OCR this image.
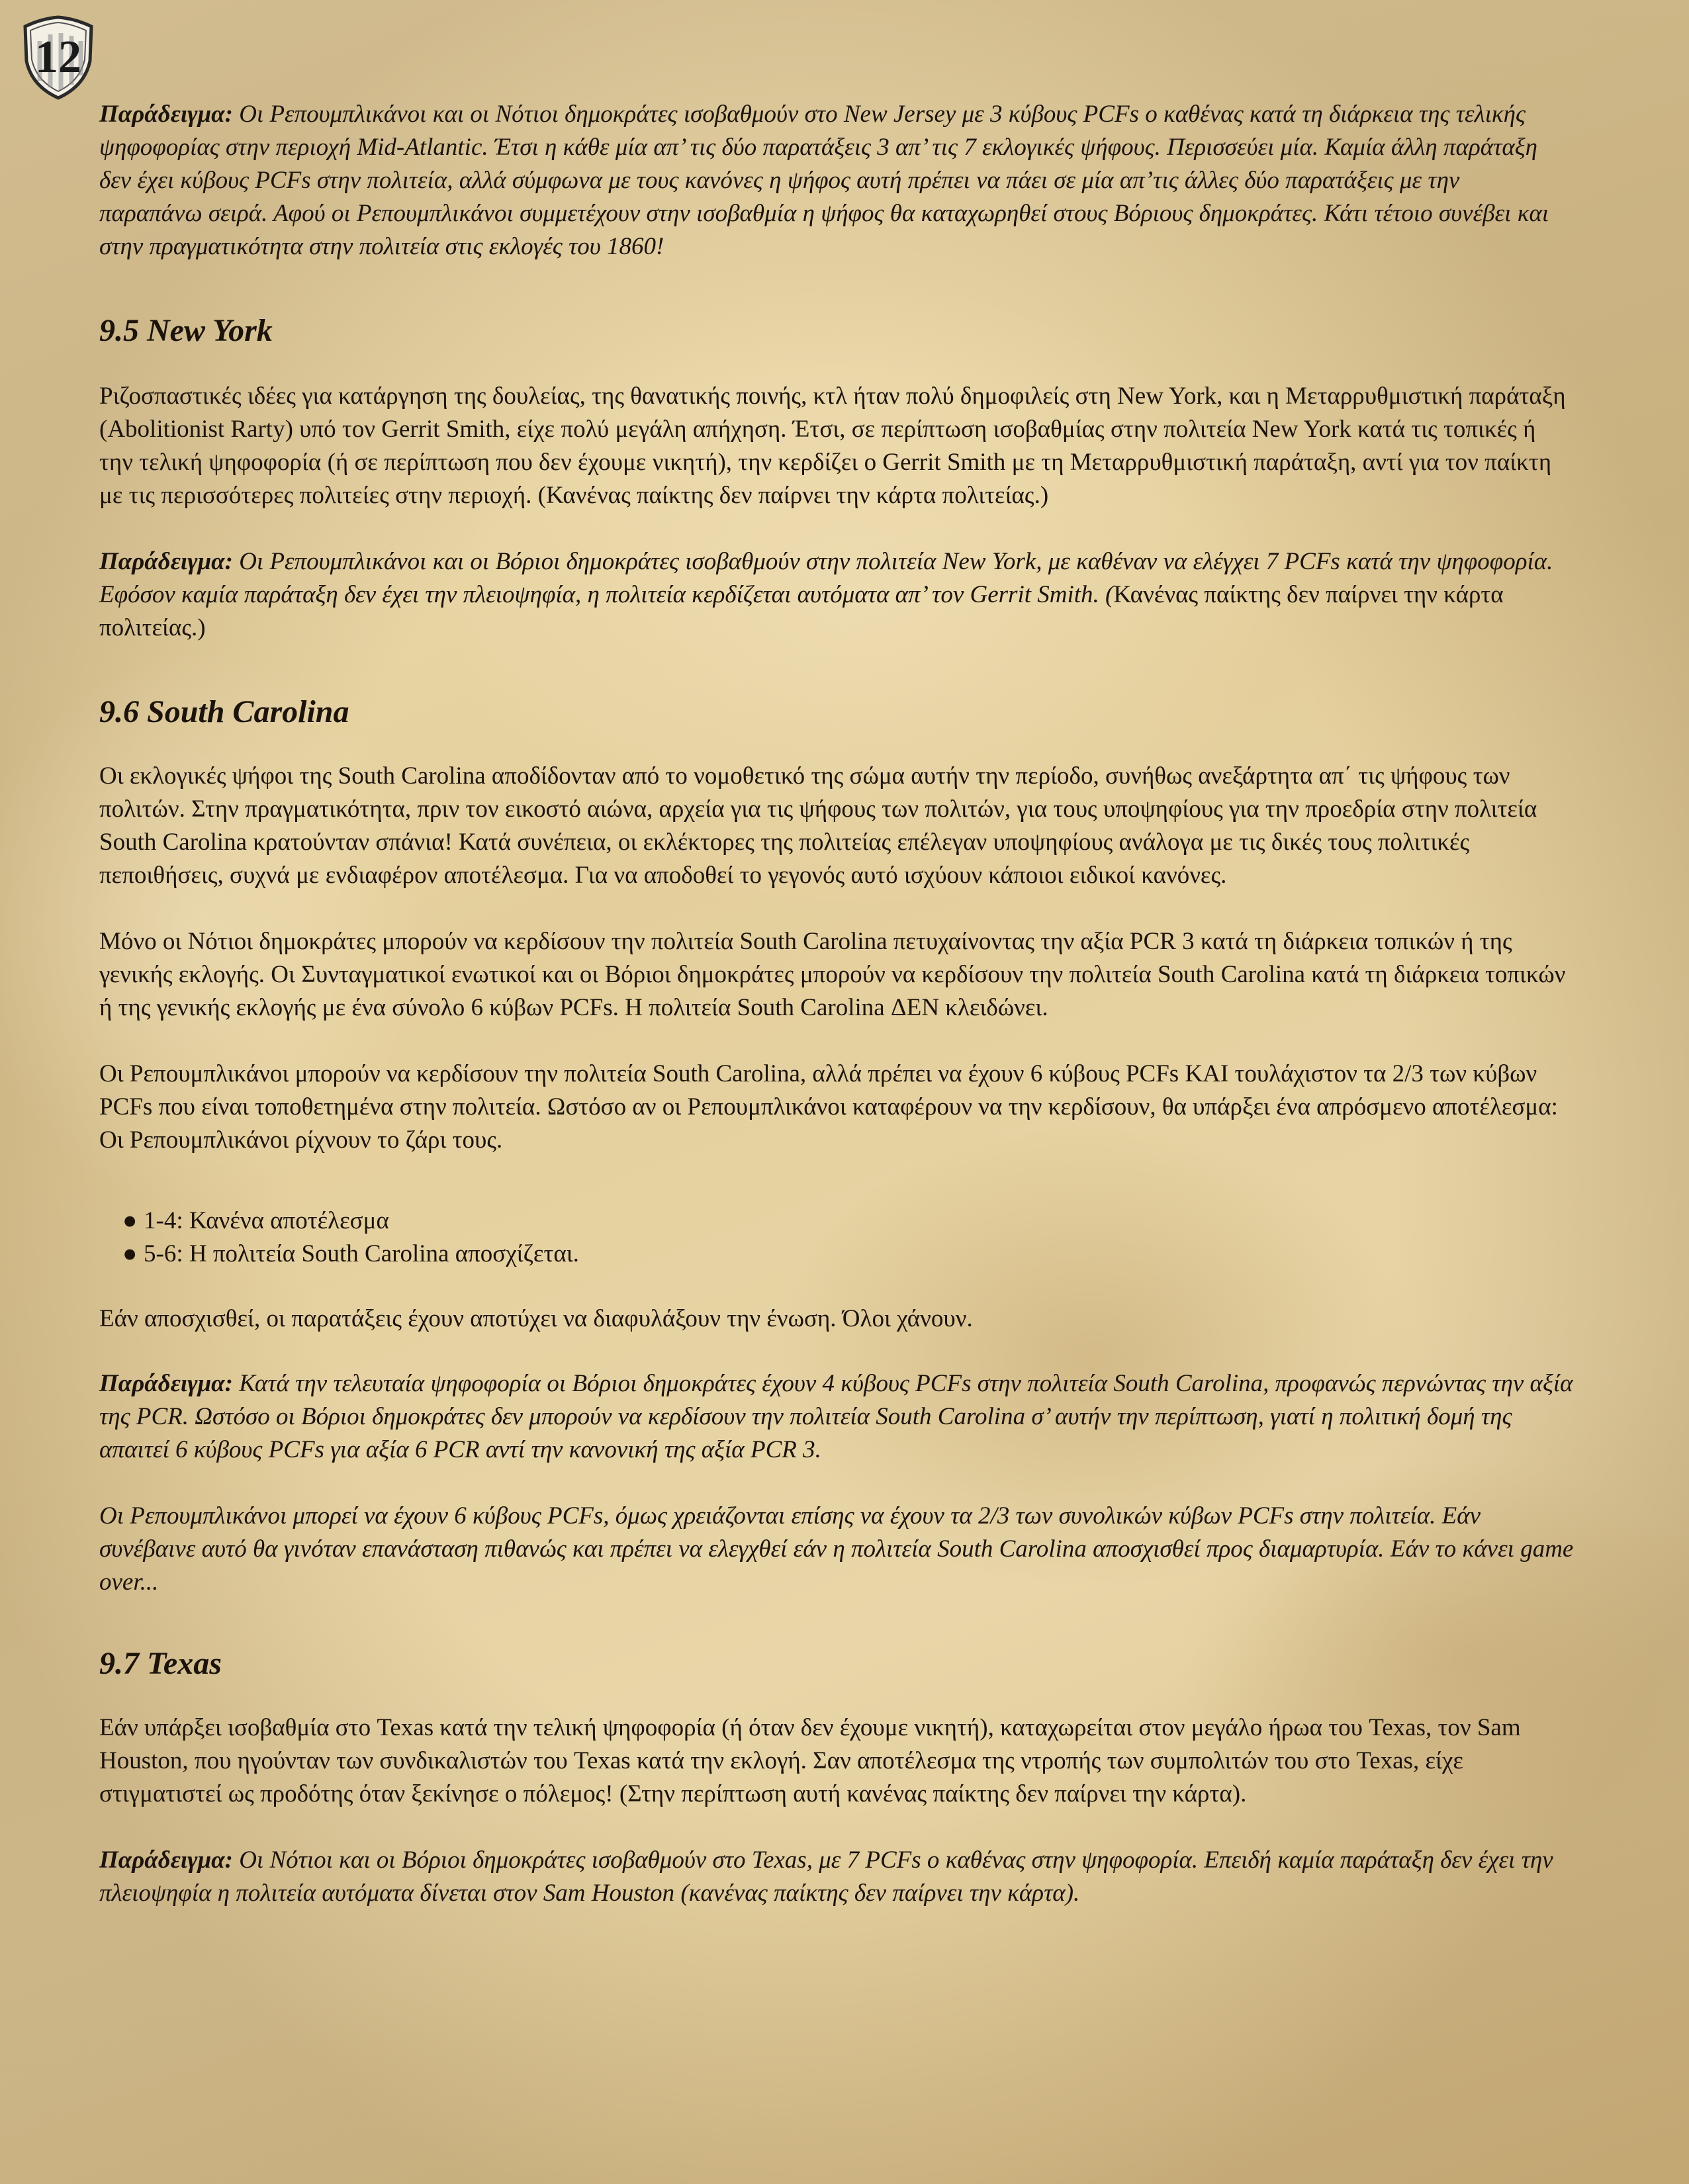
12

Παράδειγμα: Οι Ρεπουμπλικάνοι και οι Νότιοι δημοκράτες ισοβαθμούν στο New Jersey με 3 κύβους PCFs ο καθένας κατά τη διάρκεια της τελικής ψηφοφορίας στην περιοχή Mid-Atlantic. Έτσι η κάθε μία απ’ τις δύο παρατάξεις 3 απ’ τις 7 εκλογικές ψήφους. Περισσεύει μία. Καμία άλλη παράταξη δεν έχει κύβους PCFs στην πολιτεία, αλλά σύμφωνα με τους κανόνες η ψήφος αυτή πρέπει να πάει σε μία απ’τις άλλες δύο παρατάξεις με την παραπάνω σειρά. Αφού οι Ρεπουμπλικάνοι συμμετέχουν στην ισοβαθμία η ψήφος θα καταχωρηθεί στους Βόριους δημοκράτες. Κάτι τέτοιο συνέβει και στην πραγματικότητα στην πολιτεία στις εκλογές του 1860!

9.5 New York

Ριζοσπαστικές ιδέες για κατάργηση της δουλείας, της θανατικής ποινής, κτλ ήταν πολύ δημοφιλείς στη New York, και η Μεταρρυθμιστική παράταξη (Abolitionist Rarty) υπό τον Gerrit Smith, είχε πολύ μεγάλη απήχηση. Έτσι, σε περίπτωση ισοβαθμίας στην πολιτεία New York κατά τις τοπικές ή την τελική ψηφοφορία (ή σε περίπτωση που δεν έχουμε νικητή), την κερδίζει ο Gerrit Smith με τη Μεταρρυθμιστική παράταξη, αντί για τον παίκτη με τις περισσότερες πολιτείες στην περιοχή. (Κανένας παίκτης δεν παίρνει την κάρτα πολιτείας.)

Παράδειγμα: Οι Ρεπουμπλικάνοι και οι Βόριοι δημοκράτες ισοβαθμούν στην πολιτεία New York, με καθέναν να ελέγχει 7 PCFs κατά την ψηφοφορία. Εφόσον καμία παράταξη δεν έχει την πλειοψηφία, η πολιτεία κερδίζεται αυτόματα απ’ τον Gerrit Smith. (Κανένας παίκτης δεν παίρνει την κάρτα πολιτείας.)

9.6 South Carolina

Οι εκλογικές ψήφοι της South Carolina αποδίδονταν από το νομοθετικό της σώμα αυτήν την περίοδο, συνήθως ανεξάρτητα απ΄ τις ψήφους των πολιτών. Στην πραγματικότητα, πριν τον εικοστό αιώνα, αρχεία για τις ψήφους των πολιτών, για τους υποψηφίους για την προεδρία στην πολιτεία South Carolina κρατούνταν σπάνια! Κατά συνέπεια, οι εκλέκτορες της πολιτείας επέλεγαν υποψηφίους ανάλογα με τις δικές τους πολιτικές πεποιθήσεις, συχνά με ενδιαφέρον αποτέλεσμα. Για να αποδοθεί το γεγονός αυτό ισχύουν κάποιοι ειδικοί κανόνες.

Μόνο οι Νότιοι δημοκράτες μπορούν να κερδίσουν την πολιτεία South Carolina πετυχαίνοντας την αξία PCR 3 κατά τη διάρκεια τοπικών ή της γενικής εκλογής. Οι Συνταγματικοί ενωτικοί και οι Βόριοι δημοκράτες μπορούν να κερδίσουν την πολιτεία South Carolina κατά τη διάρκεια τοπικών ή της γενικής εκλογής με ένα σύνολο 6 κύβων PCFs. Η πολιτεία South Carolina ΔΕΝ κλειδώνει.

Οι Ρεπουμπλικάνοι μπορούν να κερδίσουν την πολιτεία South Carolina, αλλά πρέπει να έχουν 6 κύβους PCFs ΚΑΙ τουλάχιστον τα 2/3 των κύβων PCFs που είναι τοποθετημένα στην πολιτεία. Ωστόσο αν οι Ρεπουμπλικάνοι καταφέρουν να την κερδίσουν, θα υπάρξει ένα απρόσμενο αποτέλεσμα: Οι Ρεπουμπλικάνοι ρίχνουν το ζάρι τους.

● 1-4: Κανένα αποτέλεσμα
● 5-6: Η πολιτεία South Carolina αποσχίζεται.

Εάν αποσχισθεί, οι παρατάξεις έχουν αποτύχει να διαφυλάξουν την ένωση. Όλοι χάνουν.

Παράδειγμα: Κατά την τελευταία ψηφοφορία οι Βόριοι δημοκράτες έχουν 4 κύβους PCFs στην πολιτεία South Carolina, προφανώς περνώντας την αξία της PCR. Ωστόσο οι Βόριοι δημοκράτες δεν μπορούν να κερδίσουν την πολιτεία South Carolina σ’ αυτήν την περίπτωση, γιατί η πολιτική δομή της απαιτεί 6 κύβους PCFs για αξία 6 PCR αντί την κανονική της αξία PCR 3.

Οι Ρεπουμπλικάνοι μπορεί να έχουν 6 κύβους PCFs, όμως χρειάζονται επίσης να έχουν τα 2/3 των συνολικών κύβων PCFs στην πολιτεία. Εάν συνέβαινε αυτό θα γινόταν επανάσταση πιθανώς και πρέπει να ελεγχθεί εάν η πολιτεία South Carolina αποσχισθεί προς διαμαρτυρία. Εάν το κάνει game over...

9.7 Texas

Εάν υπάρξει ισοβαθμία στο Texas κατά την τελική ψηφοφορία (ή όταν δεν έχουμε νικητή), καταχωρείται στον μεγάλο ήρωα του Texas, τον Sam Houston, που ηγούνταν των συνδικαλιστών του Texas κατά την εκλογή. Σαν αποτέλεσμα της ντροπής των συμπολιτών του στο Texas, είχε στιγματιστεί ως προδότης όταν ξεκίνησε ο πόλεμος! (Στην περίπτωση αυτή κανένας παίκτης δεν παίρνει την κάρτα).

Παράδειγμα: Οι Νότιοι και οι Βόριοι δημοκράτες ισοβαθμούν στο Texas, με 7 PCFs ο καθένας στην ψηφοφορία. Επειδή καμία παράταξη δεν έχει την πλειοψηφία η πολιτεία αυτόματα δίνεται στον Sam Houston (κανένας παίκτης δεν παίρνει την κάρτα).
